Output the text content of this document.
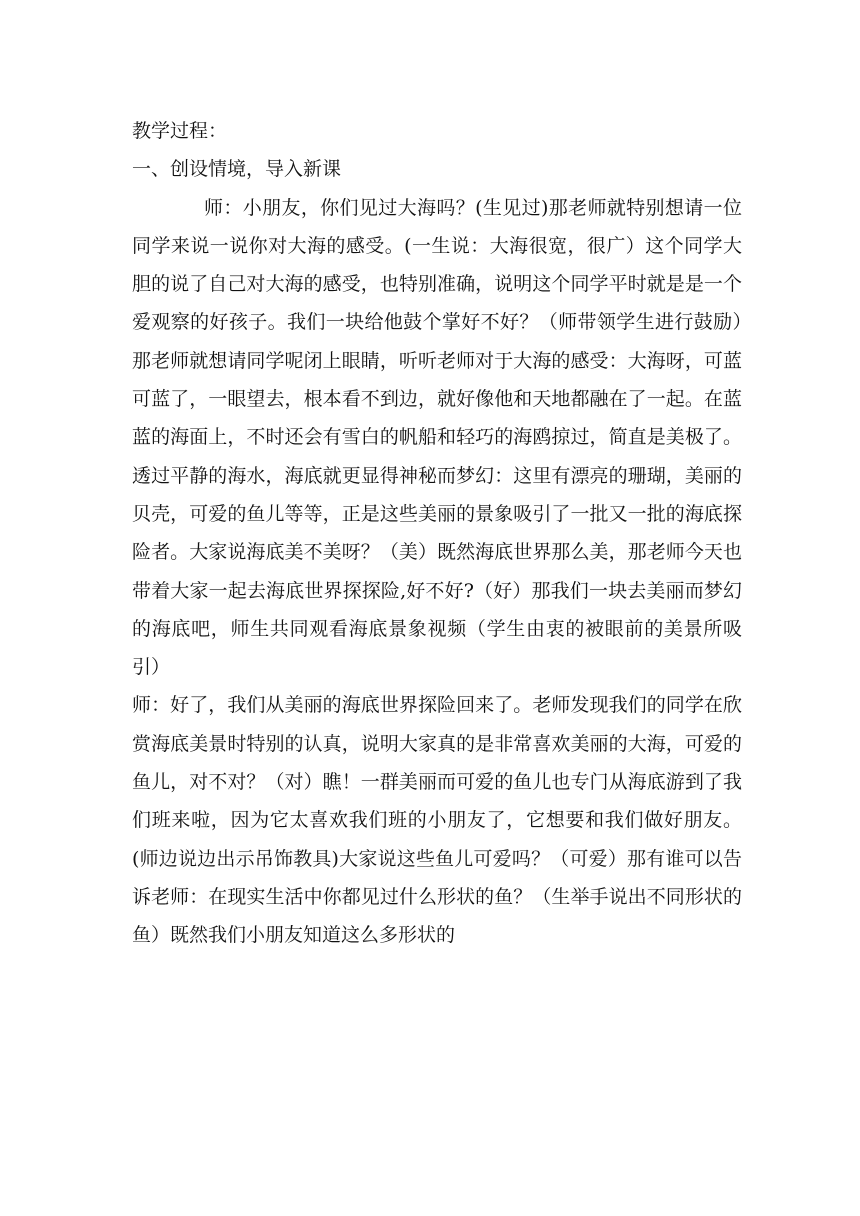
教学过程：

一、创设情境，导入新课

师：小朋友，你们见过大海吗？(生见过)那老师就特别想请一位同学来说一说你对大海的感受。(一生说：大海很宽，很广）这个同学大胆的说了自己对大海的感受，也特别准确，说明这个同学平时就是是一个爱观察的好孩子。我们一块给他鼓个掌好不好？（师带领学生进行鼓励）　　那老师就想请同学呢闭上眼睛，听听老师对于大海的感受：大海呀，可蓝可蓝了，一眼望去，根本看不到边，就好像他和天地都融在了一起。在蓝蓝的海面上，不时还会有雪白的帆船和轻巧的海鸥掠过，简直是美极了。透过平静的海水，海底就更显得神秘而梦幻：这里有漂亮的珊瑚，美丽的贝壳，可爱的鱼儿等等，正是这些美丽的景象吸引了一批又一批的海底探险者。大家说海底美不美呀？（美）既然海底世界那么美，那老师今天也带着大家一起去海底世界探探险,好不好?（好）那我们一块去美丽而梦幻的海底吧，师生共同观看海底景象视频（学生由衷的被眼前的美景所吸引）

师：好了，我们从美丽的海底世界探险回来了。老师发现我们的同学在欣赏海底美景时特别的认真，说明大家真的是非常喜欢美丽的大海，可爱的鱼儿，对不对？（对）瞧！一群美丽而可爱的鱼儿也专门从海底游到了我们班来啦，因为它太喜欢我们班的小朋友了，它想要和我们做好朋友。(师边说边出示吊饰教具)大家说这些鱼儿可爱吗？（可爱）那有谁可以告诉老师：在现实生活中你都见过什么形状的鱼？（生举手说出不同形状的鱼）既然我们小朋友知道这么多形状的
